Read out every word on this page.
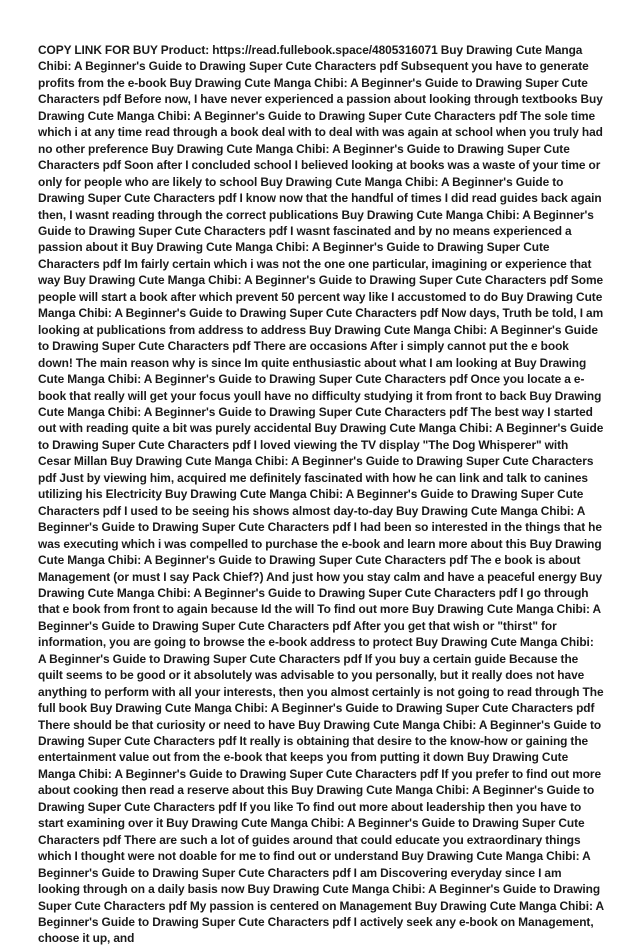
COPY LINK FOR BUY Product: https://read.fullebook.space/4805316071 Buy Drawing Cute Manga Chibi: A Beginner's Guide to Drawing Super Cute Characters pdf Subsequent you have to generate profits from the e-book Buy Drawing Cute Manga Chibi: A Beginner's Guide to Drawing Super Cute Characters pdf Before now, I have never experienced a passion about looking through textbooks Buy Drawing Cute Manga Chibi: A Beginner's Guide to Drawing Super Cute Characters pdf The sole time which i at any time read through a book deal with to deal with was again at school when you truly had no other preference Buy Drawing Cute Manga Chibi: A Beginner's Guide to Drawing Super Cute Characters pdf Soon after I concluded school I believed looking at books was a waste of your time or only for people who are likely to school Buy Drawing Cute Manga Chibi: A Beginner's Guide to Drawing Super Cute Characters pdf I know now that the handful of times I did read guides back again then, I wasnt reading through the correct publications Buy Drawing Cute Manga Chibi: A Beginner's Guide to Drawing Super Cute Characters pdf I wasnt fascinated and by no means experienced a passion about it Buy Drawing Cute Manga Chibi: A Beginner's Guide to Drawing Super Cute Characters pdf Im fairly certain which i was not the one one particular, imagining or experience that way Buy Drawing Cute Manga Chibi: A Beginner's Guide to Drawing Super Cute Characters pdf Some people will start a book after which prevent 50 percent way like I accustomed to do Buy Drawing Cute Manga Chibi: A Beginner's Guide to Drawing Super Cute Characters pdf Now days, Truth be told, I am looking at publications from address to address Buy Drawing Cute Manga Chibi: A Beginner's Guide to Drawing Super Cute Characters pdf There are occasions After i simply cannot put the e book down! The main reason why is since Im quite enthusiastic about what I am looking at Buy Drawing Cute Manga Chibi: A Beginner's Guide to Drawing Super Cute Characters pdf Once you locate a e-book that really will get your focus youll have no difficulty studying it from front to back Buy Drawing Cute Manga Chibi: A Beginner's Guide to Drawing Super Cute Characters pdf The best way I started out with reading quite a bit was purely accidental Buy Drawing Cute Manga Chibi: A Beginner's Guide to Drawing Super Cute Characters pdf I loved viewing the TV display "The Dog Whisperer" with Cesar Millan Buy Drawing Cute Manga Chibi: A Beginner's Guide to Drawing Super Cute Characters pdf Just by viewing him, acquired me definitely fascinated with how he can link and talk to canines utilizing his Electricity Buy Drawing Cute Manga Chibi: A Beginner's Guide to Drawing Super Cute Characters pdf I used to be seeing his shows almost day-to-day Buy Drawing Cute Manga Chibi: A Beginner's Guide to Drawing Super Cute Characters pdf I had been so interested in the things that he was executing which i was compelled to purchase the e-book and learn more about this Buy Drawing Cute Manga Chibi: A Beginner's Guide to Drawing Super Cute Characters pdf The e book is about Management (or must I say Pack Chief?) And just how you stay calm and have a peaceful energy Buy Drawing Cute Manga Chibi: A Beginner's Guide to Drawing Super Cute Characters pdf I go through that e book from front to again because Id the will To find out more Buy Drawing Cute Manga Chibi: A Beginner's Guide to Drawing Super Cute Characters pdf After you get that wish or "thirst" for information, you are going to browse the e-book address to protect Buy Drawing Cute Manga Chibi: A Beginner's Guide to Drawing Super Cute Characters pdf If you buy a certain guide Because the quilt seems to be good or it absolutely was advisable to you personally, but it really does not have anything to perform with all your interests, then you almost certainly is not going to read through The full book Buy Drawing Cute Manga Chibi: A Beginner's Guide to Drawing Super Cute Characters pdf There should be that curiosity or need to have Buy Drawing Cute Manga Chibi: A Beginner's Guide to Drawing Super Cute Characters pdf It really is obtaining that desire to the know-how or gaining the entertainment value out from the e-book that keeps you from putting it down Buy Drawing Cute Manga Chibi: A Beginner's Guide to Drawing Super Cute Characters pdf If you prefer to find out more about cooking then read a reserve about this Buy Drawing Cute Manga Chibi: A Beginner's Guide to Drawing Super Cute Characters pdf If you like To find out more about leadership then you have to start examining over it Buy Drawing Cute Manga Chibi: A Beginner's Guide to Drawing Super Cute Characters pdf There are such a lot of guides around that could educate you extraordinary things which I thought were not doable for me to find out or understand Buy Drawing Cute Manga Chibi: A Beginner's Guide to Drawing Super Cute Characters pdf I am Discovering everyday since I am looking through on a daily basis now Buy Drawing Cute Manga Chibi: A Beginner's Guide to Drawing Super Cute Characters pdf My passion is centered on Management Buy Drawing Cute Manga Chibi: A Beginner's Guide to Drawing Super Cute Characters pdf I actively seek any e-book on Management, choose it up, and
